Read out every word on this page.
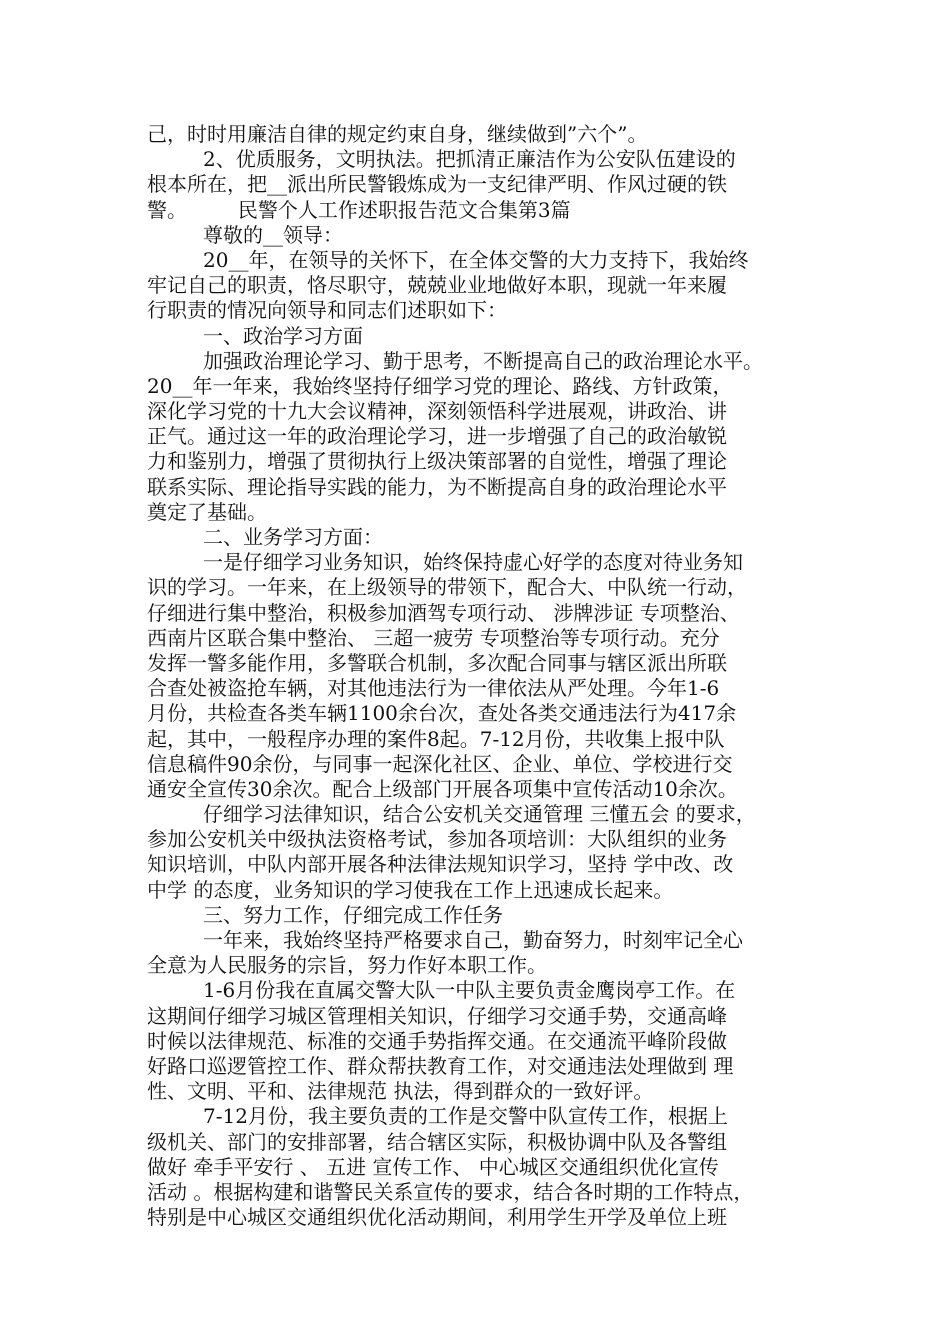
己，时时用廉洁自律的规定约束自身，继续做到”六个”。
2、优质服务，文明执法。把抓清正廉洁作为公安队伍建设的
根本所在，把__派出所民警锻炼成为一支纪律严明、作风过硬的铁
警。        民警个人工作述职报告范文合集第3篇
尊敬的__领导：
20__年，在领导的关怀下，在全体交警的大力支持下，我始终
牢记自己的职责，恪尽职守，兢兢业业地做好本职，现就一年来履
行职责的情况向领导和同志们述职如下：
一、政治学习方面
加强政治理论学习、勤于思考，不断提高自己的政治理论水平。
20__年一年来，我始终坚持仔细学习党的理论、路线、方针政策，
深化学习党的十九大会议精神，深刻领悟科学进展观，讲政治、讲
正气。通过这一年的政治理论学习，进一步增强了自己的政治敏锐
力和鉴别力，增强了贯彻执行上级决策部署的自觉性，增强了理论
联系实际、理论指导实践的能力，为不断提高自身的政治理论水平
奠定了基础。
二、业务学习方面：
一是仔细学习业务知识，始终保持虚心好学的态度对待业务知
识的学习。一年来，在上级领导的带领下，配合大、中队统一行动，
仔细进行集中整治，积极参加酒驾专项行动、 涉牌涉证 专项整治、
西南片区联合集中整治、 三超一疲劳 专项整治等专项行动。充分
发挥一警多能作用，多警联合机制，多次配合同事与辖区派出所联
合查处被盗抢车辆，对其他违法行为一律依法从严处理。今年1-6
月份，共检查各类车辆1100余台次，查处各类交通违法行为417余
起，其中，一般程序办理的案件8起。7-12月份，共收集上报中队
信息稿件90余份，与同事一起深化社区、企业、单位、学校进行交
通安全宣传30余次。配合上级部门开展各项集中宣传活动10余次。
仔细学习法律知识，结合公安机关交通管理 三懂五会 的要求，
参加公安机关中级执法资格考试，参加各项培训：大队组织的业务
知识培训，中队内部开展各种法律法规知识学习，坚持 学中改、改
中学 的态度，业务知识的学习使我在工作上迅速成长起来。
三、努力工作，仔细完成工作任务
一年来，我始终坚持严格要求自己，勤奋努力，时刻牢记全心
全意为人民服务的宗旨，努力作好本职工作。
1-6月份我在直属交警大队一中队主要负责金鹰岗亭工作。在
这期间仔细学习城区管理相关知识，仔细学习交通手势，交通高峰
时候以法律规范、标准的交通手势指挥交通。在交通流平峰阶段做
好路口巡逻管控工作、群众帮扶教育工作，对交通违法处理做到 理
性、文明、平和、法律规范 执法，得到群众的一致好评。
7-12月份，我主要负责的工作是交警中队宣传工作，根据上
级机关、部门的安排部署，结合辖区实际，积极协调中队及各警组
做好 牵手平安行 、 五进 宣传工作、 中心城区交通组织优化宣传
活动 。根据构建和谐警民关系宣传的要求，结合各时期的工作特点，
特别是中心城区交通组织优化活动期间，利用学生开学及单位上班
